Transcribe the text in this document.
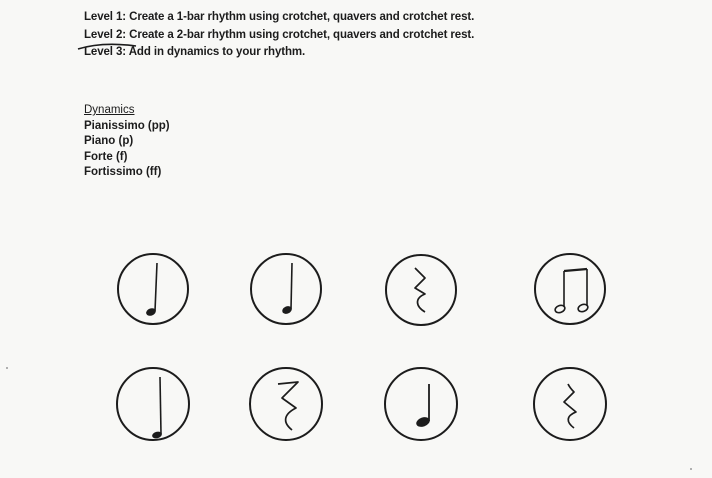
Level 1: Create a 1-bar rhythm using crotchet, quavers and crotchet rest.
Level 2: Create a 2-bar rhythm using crotchet, quavers and crotchet rest.
Level 3: Add in dynamics to your rhythm.
Dynamics
Pianissimo (pp)
Piano (p)
Forte (f)
Fortissimo (ff)
